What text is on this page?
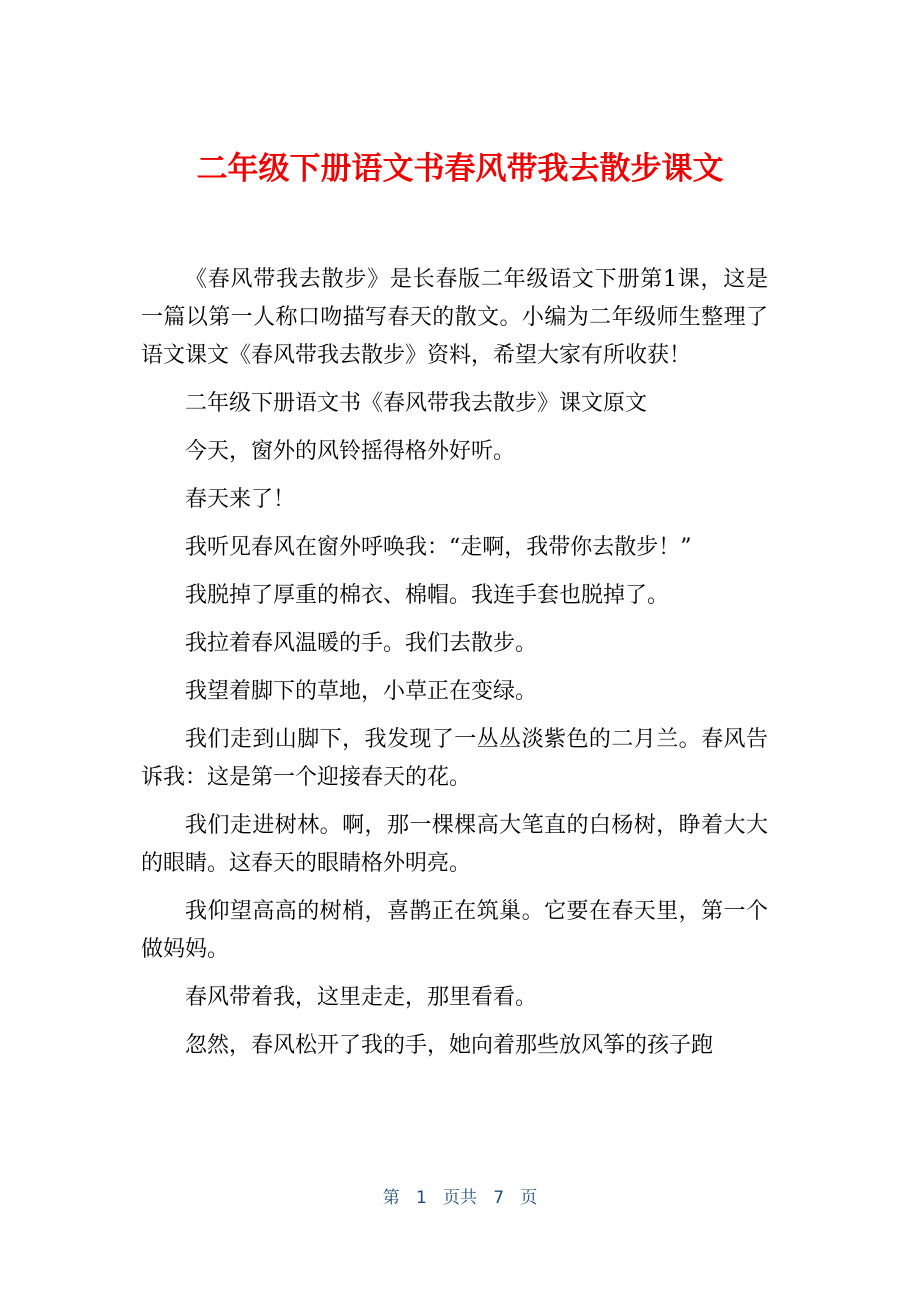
二年级下册语文书春风带我去散步课文

《春风带我去散步》是长春版二年级语文下册第1课，这是一篇以第一人称口吻描写春天的散文。小编为二年级师生整理了语文课文《春风带我去散步》资料，希望大家有所收获！

二年级下册语文书《春风带我去散步》课文原文

今天，窗外的风铃摇得格外好听。

春天来了！

我听见春风在窗外呼唤我：“走啊，我带你去散步！”

我脱掉了厚重的棉衣、棉帽。我连手套也脱掉了。

我拉着春风温暖的手。我们去散步。

我望着脚下的草地，小草正在变绿。

我们走到山脚下，我发现了一丛丛淡紫色的二月兰。春风告诉我：这是第一个迎接春天的花。

我们走进树林。啊，那一棵棵高大笔直的白杨树，睁着大大的眼睛。这春天的眼睛格外明亮。

我仰望高高的树梢，喜鹊正在筑巢。它要在春天里，第一个做妈妈。

春风带着我，这里走走，那里看看。

忽然，春风松开了我的手，她向着那些放风筝的孩子跑

第 1 页共 7 页
